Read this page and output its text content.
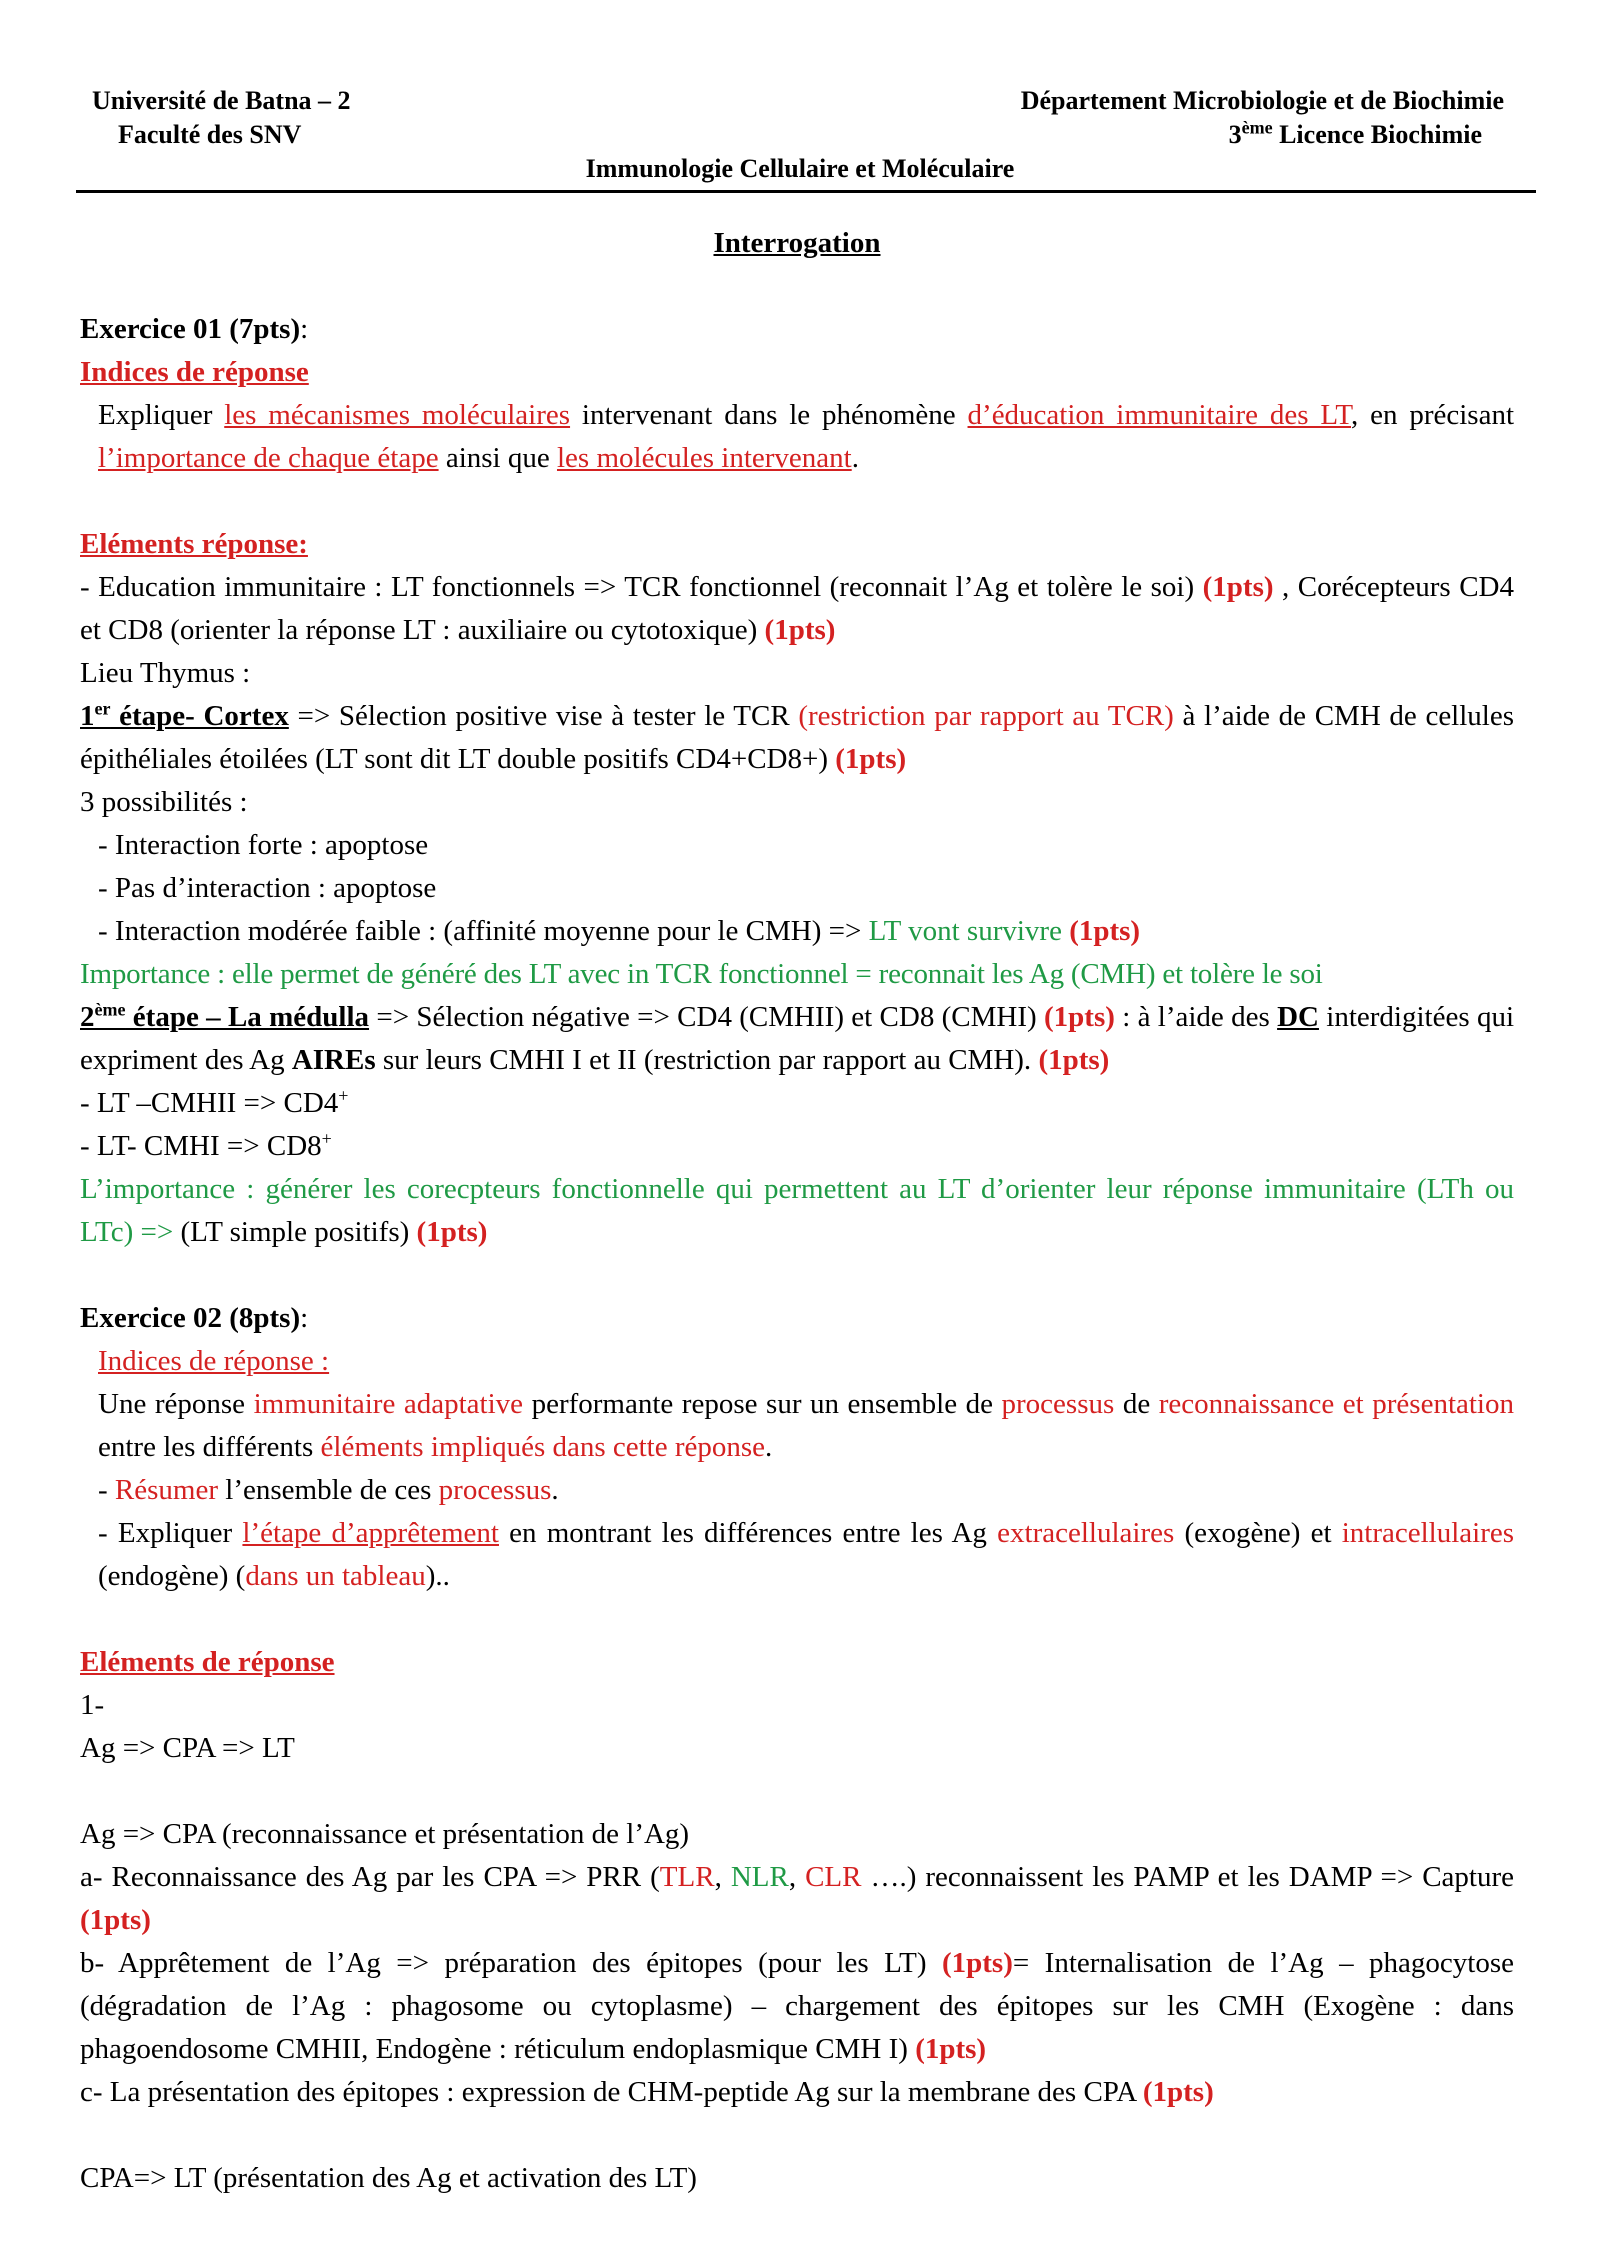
Université de Batna – 2
Faculté des SNV
Département Microbiologie et de Biochimie
3ème Licence Biochimie
Immunologie Cellulaire et Moléculaire

Interrogation

Exercice 01 (7pts):

Indices de réponse

Expliquer les mécanismes moléculaires intervenant dans le phénomène d’éducation immunitaire des LT, en précisant l’importance de chaque étape ainsi que les molécules intervenant.

Eléments réponse:

- Education immunitaire : LT fonctionnels => TCR fonctionnel (reconnait l’Ag et tolère le soi) (1pts) , Corécepteurs CD4 et CD8 (orienter la réponse LT : auxiliaire ou cytotoxique) (1pts)

Lieu Thymus :

1er étape- Cortex => Sélection positive vise à tester le TCR (restriction par rapport au TCR) à l’aide de CMH de cellules épithéliales étoilées (LT sont dit LT double positifs CD4+CD8+) (1pts)

3 possibilités :

- Interaction forte : apoptose

- Pas d’interaction : apoptose

- Interaction modérée faible : (affinité moyenne pour le CMH) => LT vont survivre (1pts)

Importance : elle permet de généré des LT avec in TCR fonctionnel = reconnait les Ag (CMH) et tolère le soi

2ème étape – La médulla => Sélection négative => CD4 (CMHII) et CD8 (CMHI) (1pts) : à l’aide des DC interdigitées qui expriment des Ag AIREs sur leurs CMHI I et II (restriction par rapport au CMH). (1pts)

- LT –CMHII => CD4+

- LT- CMHI => CD8+

L’importance : générer les corecpteurs fonctionnelle qui permettent au LT d’orienter leur réponse immunitaire (LTh ou LTc) => (LT simple positifs) (1pts)

Exercice 02 (8pts):

Indices de réponse :

Une réponse immunitaire adaptative performante repose sur un ensemble de processus de reconnaissance et présentation entre les différents éléments impliqués dans cette réponse.

- Résumer l’ensemble de ces processus.

- Expliquer l’étape d’apprêtement en montrant les différences entre les Ag extracellulaires (exogène) et intracellulaires (endogène) (dans un tableau)..

Eléments de réponse

1-

Ag => CPA => LT

Ag => CPA (reconnaissance et présentation de l’Ag)

a- Reconnaissance des Ag par les CPA => PRR (TLR, NLR, CLR ….) reconnaissent les PAMP et les DAMP => Capture (1pts)

b- Apprêtement de l’Ag => préparation des épitopes (pour les LT) (1pts)= Internalisation de l’Ag – phagocytose (dégradation de l’Ag : phagosome ou cytoplasme) – chargement des épitopes sur les CMH (Exogène : dans phagoendosome CMHII, Endogène : réticulum endoplasmique CMH I) (1pts)

c- La présentation des épitopes : expression de CHM-peptide Ag sur la membrane des CPA (1pts)

CPA=> LT (présentation des Ag et activation des LT)
